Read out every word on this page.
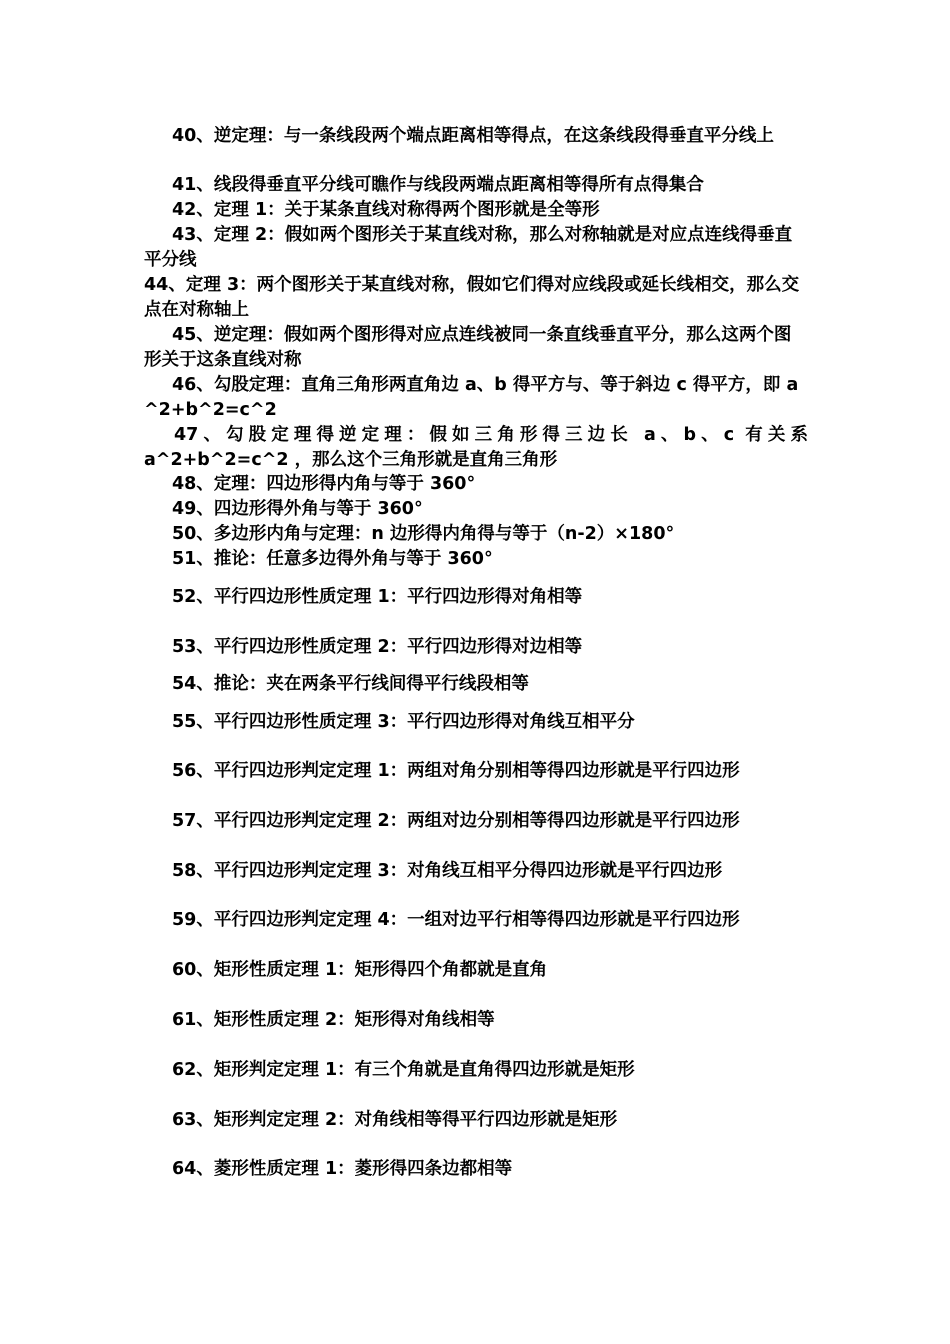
40、逆定理：与一条线段两个端点距离相等得点，在这条线段得垂直平分线上
41、线段得垂直平分线可瞧作与线段两端点距离相等得所有点得集合
42、定理 1：关于某条直线对称得两个图形就是全等形
43、定理 2：假如两个图形关于某直线对称，那么对称轴就是对应点连线得垂直平分线
44、定理 3：两个图形关于某直线对称，假如它们得对应线段或延长线相交，那么交点在对称轴上
45、逆定理：假如两个图形得对应点连线被同一条直线垂直平分，那么这两个图形关于这条直线对称
46、勾股定理：直角三角形两直角边 a、b 得平方与、等于斜边 c 得平方，即 a^2+b^2=c^2
47、勾股定理得逆定理：假如三角形得三边长 a、b、c 有关系
a^2+b^2=c^2 ，那么这个三角形就是直角三角形
48、定理：四边形得内角与等于 360°
49、四边形得外角与等于 360°
50、多边形内角与定理：n 边形得内角得与等于（n-2）×180°
51、推论：任意多边得外角与等于 360°
52、平行四边形性质定理 1：平行四边形得对角相等
53、平行四边形性质定理 2：平行四边形得对边相等
54、推论：夹在两条平行线间得平行线段相等
55、平行四边形性质定理 3：平行四边形得对角线互相平分
56、平行四边形判定定理 1：两组对角分别相等得四边形就是平行四边形
57、平行四边形判定定理 2：两组对边分别相等得四边形就是平行四边形
58、平行四边形判定定理 3：对角线互相平分得四边形就是平行四边形
59、平行四边形判定定理 4：一组对边平行相等得四边形就是平行四边形
60、矩形性质定理 1：矩形得四个角都就是直角
61、矩形性质定理 2：矩形得对角线相等
62、矩形判定定理 1：有三个角就是直角得四边形就是矩形
63、矩形判定定理 2：对角线相等得平行四边形就是矩形
64、菱形性质定理 1：菱形得四条边都相等
